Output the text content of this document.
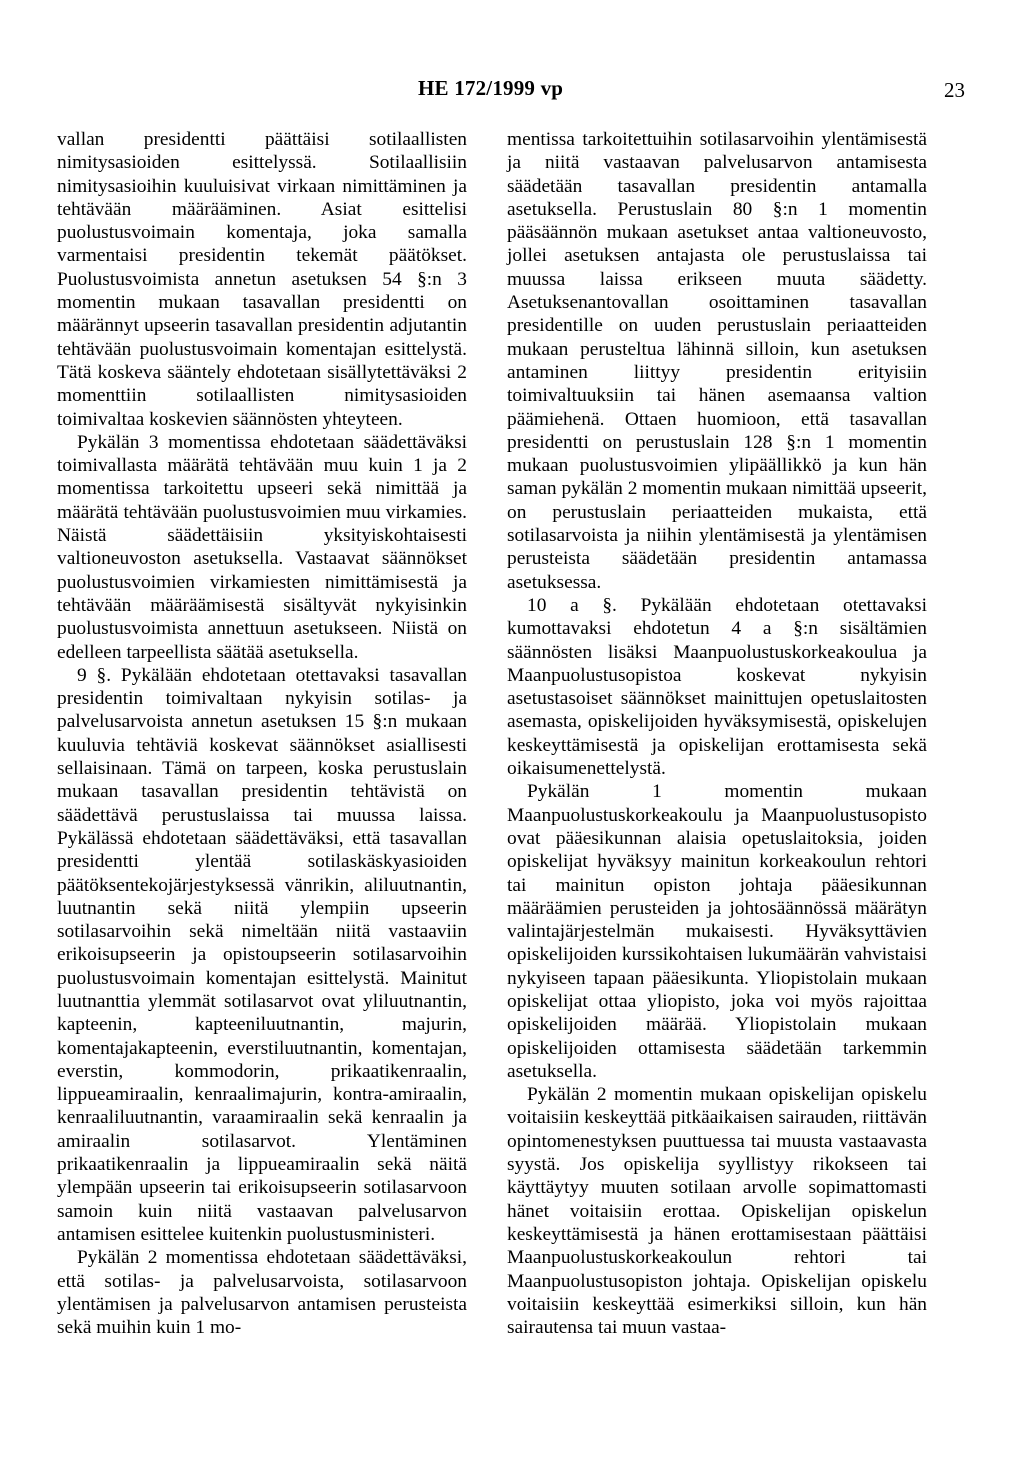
HE 172/1999 vp	23

vallan presidentti päättäisi sotilaallisten nimitysasioiden esittelyssä. Sotilaallisiin nimitysasioihin kuuluisivat virkaan nimittäminen ja tehtävään määrääminen. Asiat esittelisi puolustusvoimain komentaja, joka samalla varmentaisi presidentin tekemät päätökset. Puolustusvoimista annetun asetuksen 54 §:n 3 momentin mukaan tasavallan presidentti on määrännyt upseerin tasavallan presidentin adjutantin tehtävään puolustusvoimain komentajan esittelystä. Tätä koskeva sääntely ehdotetaan sisällytettäväksi 2 momenttiin sotilaallisten nimitysasioiden toimivaltaa koskevien säännösten yhteyteen.

Pykälän 3 momentissa ehdotetaan säädettäväksi toimivallasta määrätä tehtävään muu kuin 1 ja 2 momentissa tarkoitettu upseeri sekä nimittää ja määrätä tehtävään puolustusvoimien muu virkamies. Näistä säädettäisiin yksityiskohtaisesti valtioneuvoston asetuksella. Vastaavat säännökset puolustusvoimien virkamiesten nimittämisestä ja tehtävään määräämisestä sisältyvät nykyisinkin puolustusvoimista annettuun asetukseen. Niistä on edelleen tarpeellista säätää asetuksella.

9 §. Pykälään ehdotetaan otettavaksi tasavallan presidentin toimivaltaan nykyisin sotilas- ja palvelusarvoista annetun asetuksen 15 §:n mukaan kuuluvia tehtäviä koskevat säännökset asiallisesti sellaisinaan. Tämä on tarpeen, koska perustuslain mukaan tasavallan presidentin tehtävistä on säädettävä perustuslaissa tai muussa laissa. Pykälässä ehdotetaan säädettäväksi, että tasavallan presidentti ylentää sotilaskäskyasioiden päätöksentekojärjestyksessä vänrikin, aliluutnantin, luutnantin sekä niitä ylempiin upseerin sotilasarvoihin sekä nimeltään niitä vastaaviin erikoisupseerin ja opistoupseerin sotilasarvoihin puolustusvoimain komentajan esittelystä. Mainitut luutnanttia ylemmät sotilasarvot ovat yliluutnantin, kapteenin, kapteeniluutnantin, majurin, komentajakapteenin, everstiluutnantin, komentajan, everstin, kommodorin, prikaatikenraalin, lippueamiraalin, kenraalimajurin, kontra-amiraalin, kenraaliluutnantin, varaamiraalin sekä kenraalin ja amiraalin sotilasarvot. Ylentäminen prikaatikenraalin ja lippueamiraalin sekä näitä ylempään upseerin tai erikoisupseerin sotilasarvoon samoin kuin niitä vastaavan palvelusarvon antamisen esittelee kuitenkin puolustusministeri.

Pykälän 2 momentissa ehdotetaan säädettäväksi, että sotilas- ja palvelusarvoista, sotilasarvoon ylentämisen ja palvelusarvon antamisen perusteista sekä muihin kuin 1 mo-

mentissa tarkoitettuihin sotilasarvoihin ylentämisestä ja niitä vastaavan palvelusarvon antamisesta säädetään tasavallan presidentin antamalla asetuksella. Perustuslain 80 §:n 1 momentin pääsäännön mukaan asetukset antaa valtioneuvosto, jollei asetuksen antajasta ole perustuslaissa tai muussa laissa erikseen muuta säädetty. Asetuksenantovallan osoittaminen tasavallan presidentille on uuden perustuslain periaatteiden mukaan perusteltua lähinnä silloin, kun asetuksen antaminen liittyy presidentin erityisiin toimivaltuuksiin tai hänen asemaansa valtion päämiehenä. Ottaen huomioon, että tasavallan presidentti on perustuslain 128 §:n 1 momentin mukaan puolustusvoimien ylipäällikkö ja kun hän saman pykälän 2 momentin mukaan nimittää upseerit, on perustuslain periaatteiden mukaista, että sotilasarvoista ja niihin ylentämisestä ja ylentämisen perusteista säädetään presidentin antamassa asetuksessa.

10 a §. Pykälään ehdotetaan otettavaksi kumottavaksi ehdotetun 4 a §:n sisältämien säännösten lisäksi Maanpuolustuskorkeakoulua ja Maanpuolustusopistoa koskevat nykyisin asetustasoiset säännökset mainittujen opetuslaitosten asemasta, opiskelijoiden hyväksymisestä, opiskelujen keskeyttämisestä ja opiskelijan erottamisesta sekä oikaisumenettelystä.

Pykälän 1 momentin mukaan Maanpuolustuskorkeakoulu ja Maanpuolustusopisto ovat pääesikunnan alaisia opetuslaitoksia, joiden opiskelijat hyväksyy mainitun korkeakoulun rehtori tai mainitun opiston johtaja pääesikunnan määräämien perusteiden ja johtosäännössä määrätyn valintajärjestelmän mukaisesti. Hyväksyttävien opiskelijoiden kurssikohtaisen lukumäärän vahvistaisi nykyiseen tapaan pääesikunta. Yliopistolain mukaan opiskelijat ottaa yliopisto, joka voi myös rajoittaa opiskelijoiden määrää. Yliopistolain mukaan opiskelijoiden ottamisesta säädetään tarkemmin asetuksella.

Pykälän 2 momentin mukaan opiskelijan opiskelu voitaisiin keskeyttää pitkäaikaisen sairauden, riittävän opintomenestyksen puuttuessa tai muusta vastaavasta syystä. Jos opiskelija syyllistyy rikokseen tai käyttäytyy muuten sotilaan arvolle sopimattomasti hänet voitaisiin erottaa. Opiskelijan opiskelun keskeyttämisestä ja hänen erottamisestaan päättäisi Maanpuolustuskorkeakoulun rehtori tai Maanpuolustusopiston johtaja. Opiskelijan opiskelu voitaisiin keskeyttää esimerkiksi silloin, kun hän sairautensa tai muun vastaa-
